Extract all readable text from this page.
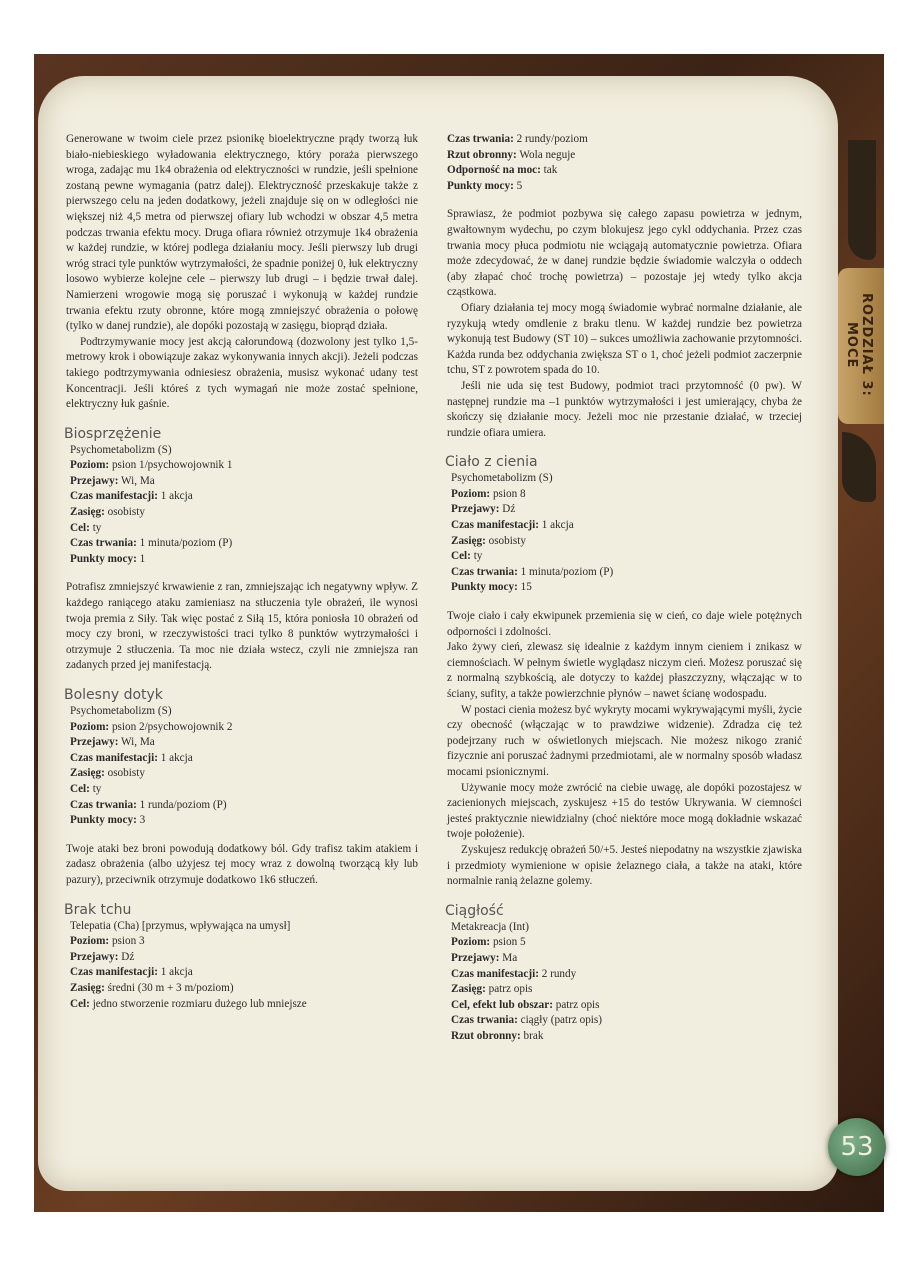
ROZDZIAŁ 3: MOCE
53

Generowane w twoim ciele przez psionikę bioelektryczne prądy tworzą łuk biało-niebieskiego wyładowania elektrycznego, który poraża pierwszego wroga, zadając mu 1k4 obrażenia od elektryczności w rundzie, jeśli spełnione zostaną pewne wymagania (patrz dalej). Elektryczność przeskakuje także z pierwszego celu na jeden dodatkowy, jeżeli znajduje się on w odległości nie większej niż 4,5 metra od pierwszej ofiary lub wchodzi w obszar 4,5 metra podczas trwania efektu mocy. Druga ofiara również otrzymuje 1k4 obrażenia w każdej rundzie, w której podlega działaniu mocy. Jeśli pierwszy lub drugi wróg straci tyle punktów wytrzymałości, że spadnie poniżej 0, łuk elektryczny losowo wybierze kolejne cele – pierwszy lub drugi – i będzie trwał dalej. Namierzeni wrogowie mogą się poruszać i wykonują w każdej rundzie trwania efektu rzuty obronne, które mogą zmniejszyć obrażenia o połowę (tylko w danej rundzie), ale dopóki pozostają w zasięgu, bioprąd działa.

Podtrzymywanie mocy jest akcją całorundową (dozwolony jest tylko 1,5-metrowy krok i obowiązuje zakaz wykonywania innych akcji). Jeżeli podczas takiego podtrzymywania odniesiesz obrażenia, musisz wykonać udany test Koncentracji. Jeśli któreś z tych wymagań nie może zostać spełnione, elektryczny łuk gaśnie.

Biosprzężenie
Psychometabolizm (S)
Poziom: psion 1/psychowojownik 1
Przejawy: Wi, Ma
Czas manifestacji: 1 akcja
Zasięg: osobisty
Cel: ty
Czas trwania: 1 minuta/poziom (P)
Punkty mocy: 1

Potrafisz zmniejszyć krwawienie z ran, zmniejszając ich negatywny wpływ. Z każdego raniącego ataku zamieniasz na stłuczenia tyle obrażeń, ile wynosi twoja premia z Siły. Tak więc postać z Siłą 15, która poniosła 10 obrażeń od mocy czy broni, w rzeczywistości traci tylko 8 punktów wytrzymałości i otrzymuje 2 stłuczenia. Ta moc nie działa wstecz, czyli nie zmniejsza ran zadanych przed jej manifestacją.

Bolesny dotyk
Psychometabolizm (S)
Poziom: psion 2/psychowojownik 2
Przejawy: Wi, Ma
Czas manifestacji: 1 akcja
Zasięg: osobisty
Cel: ty
Czas trwania: 1 runda/poziom (P)
Punkty mocy: 3

Twoje ataki bez broni powodują dodatkowy ból. Gdy trafisz takim atakiem i zadasz obrażenia (albo użyjesz tej mocy wraz z dowolną tworzącą kły lub pazury), przeciwnik otrzymuje dodatkowo 1k6 stłuczeń.

Brak tchu
Telepatia (Cha) [przymus, wpływająca na umysł]
Poziom: psion 3
Przejawy: Dź
Czas manifestacji: 1 akcja
Zasięg: średni (30 m + 3 m/poziom)
Cel: jedno stworzenie rozmiaru dużego lub mniejsze
Czas trwania: 2 rundy/poziom
Rzut obronny: Wola neguje
Odporność na moc: tak
Punkty mocy: 5

Sprawiasz, że podmiot pozbywa się całego zapasu powietrza w jednym, gwałtownym wydechu, po czym blokujesz jego cykl oddychania. Przez czas trwania mocy płuca podmiotu nie wciągają automatycznie powietrza. Ofiara może zdecydować, że w danej rundzie będzie świadomie walczyła o oddech (aby złapać choć trochę powietrza) – pozostaje jej wtedy tylko akcja cząstkowa.

Ofiary działania tej mocy mogą świadomie wybrać normalne działanie, ale ryzykują wtedy omdlenie z braku tlenu. W każdej rundzie bez powietrza wykonują test Budowy (ST 10) – sukces umożliwia zachowanie przytomności. Każda runda bez oddychania zwiększa ST o 1, choć jeżeli podmiot zaczerpnie tchu, ST z powrotem spada do 10.

Jeśli nie uda się test Budowy, podmiot traci przytomność (0 pw). W następnej rundzie ma –1 punktów wytrzymałości i jest umierający, chyba że skończy się działanie mocy. Jeżeli moc nie przestanie działać, w trzeciej rundzie ofiara umiera.

Ciało z cienia
Psychometabolizm (S)
Poziom: psion 8
Przejawy: Dź
Czas manifestacji: 1 akcja
Zasięg: osobisty
Cel: ty
Czas trwania: 1 minuta/poziom (P)
Punkty mocy: 15

Twoje ciało i cały ekwipunek przemienia się w cień, co daje wiele potężnych odporności i zdolności.

Jako żywy cień, zlewasz się idealnie z każdym innym cieniem i znikasz w ciemnościach. W pełnym świetle wyglądasz niczym cień. Możesz poruszać się z normalną szybkością, ale dotyczy to każdej płaszczyzny, włączając w to ściany, sufity, a także powierzchnie płynów – nawet ścianę wodospadu.

W postaci cienia możesz być wykryty mocami wykrywającymi myśli, życie czy obecność (włączając w to prawdziwe widzenie). Zdradza cię też podejrzany ruch w oświetlonych miejscach. Nie możesz nikogo zranić fizycznie ani poruszać żadnymi przedmiotami, ale w normalny sposób władasz mocami psionicznymi.

Używanie mocy może zwrócić na ciebie uwagę, ale dopóki pozostajesz w zacienionych miejscach, zyskujesz +15 do testów Ukrywania. W ciemności jesteś praktycznie niewidzialny (choć niektóre moce mogą dokładnie wskazać twoje położenie).

Zyskujesz redukcję obrażeń 50/+5. Jesteś niepodatny na wszystkie zjawiska i przedmioty wymienione w opisie żelaznego ciała, a także na ataki, które normalnie ranią żelazne golemy.

Ciągłość
Metakreacja (Int)
Poziom: psion 5
Przejawy: Ma
Czas manifestacji: 2 rundy
Zasięg: patrz opis
Cel, efekt lub obszar: patrz opis
Czas trwania: ciągły (patrz opis)
Rzut obronny: brak
